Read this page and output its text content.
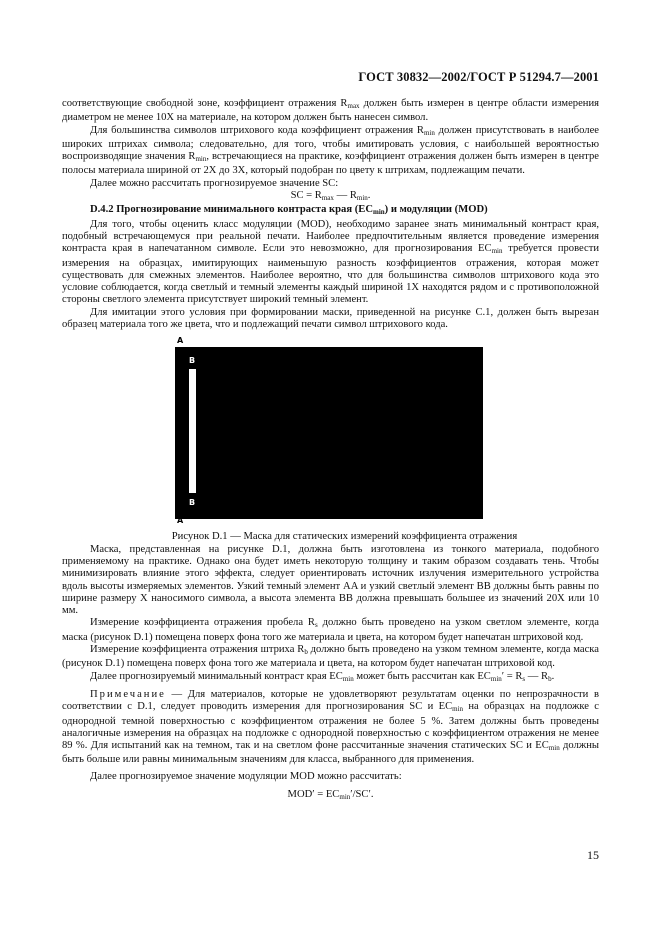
ГОСТ 30832—2002/ГОСТ Р 51294.7—2001

соответствующие свободной зоне, коэффициент отражения $R_{max}$ должен быть измерен в центре области измерения диаметром не менее 10X на материале, на котором должен быть нанесен символ.

Для большинства символов штрихового кода коэффициент отражения $R_{min}$ должен присутствовать в наиболее широких штрихах символа; следовательно, для того, чтобы имитировать условия, с наибольшей вероятностью воспроизводящие значения $R_{min}$, встречающиеся на практике, коэффициент отражения должен быть измерен в центре полосы материала шириной от 2X до 3X, который подобран по цвету к штрихам, подлежащим печати.

Далее можно рассчитать прогнозируемое значение SC:

SC = $R_{max}$ — $R_{min}$.

D.4.2 Прогнозирование минимального контраста края $(EC_{min})$ и модуляции (MOD)

Для того, чтобы оценить класс модуляции (MOD), необходимо заранее знать минимальный контраст края, подобный встречающемуся при реальной печати. Наиболее предпочтительным является проведение измерения контраста края в напечатанном символе. Если это невозможно, для прогнозирования $EC_{min}$ требуется провести измерения на образцах, имитирующих наименьшую разность коэффициентов отражения, которая может существовать для смежных элементов. Наиболее вероятно, что для большинства символов штрихового кода это условие соблюдается, когда светлый и темный элементы каждый шириной 1X находятся рядом и с противоположной стороны светлого элемента присутствует широкий темный элемент.

Для имитации этого условия при формировании маски, приведенной на рисунке C.1, должен быть вырезан образец материала того же цвета, что и подлежащий печати символ штрихового кода.

A
B
B
A

Рисунок D.1 — Маска для статических измерений коэффициента отражения

Маска, представленная на рисунке D.1, должна быть изготовлена из тонкого материала, подобного применяемому на практике. Однако она будет иметь некоторую толщину и таким образом создавать тень. Чтобы минимизировать влияние этого эффекта, следует ориентировать источник излучения измерительного устройства вдоль высоты измеряемых элементов. Узкий темный элемент AA и узкий светлый элемент BB должны быть равны по ширине размеру X наносимого символа, а высота элемента BB должна превышать большее из значений 20X или 10 мм.

Измерение коэффициента отражения пробела $R_s$ должно быть проведено на узком светлом элементе, когда маска (рисунок D.1) помещена поверх фона того же материала и цвета, на котором будет напечатан штриховой код.

Измерение коэффициента отражения штриха $R_b$ должно быть проведено на узком темном элементе, когда маска (рисунок D.1) помещена поверх фона того же материала и цвета, на котором будет напечатан штриховой код.

Далее прогнозируемый минимальный контраст края $EC_{min}$ может быть рассчитан как $EC_{min}' = R_s$ — $R_b$.

Примечание — Для материалов, которые не удовлетворяют результатам оценки по непрозрачности в соответствии с D.1, следует проводить измерения для прогнозирования SC и $EC_{min}$ на образцах на подложке с однородной темной поверхностью с коэффициентом отражения не более 5 %. Затем должны быть проведены аналогичные измерения на образцах на подложке с однородной поверхностью с коэффициентом отражения не менее 89 %. Для испытаний как на темном, так и на светлом фоне рассчитанные значения статических SC и $EC_{min}$ должны быть больше или равны минимальным значениям для класса, выбранного для применения.

Далее прогнозируемое значение модуляции MOD можно рассчитать:

$MOD' = EC_{min}'/SC'$.

15
